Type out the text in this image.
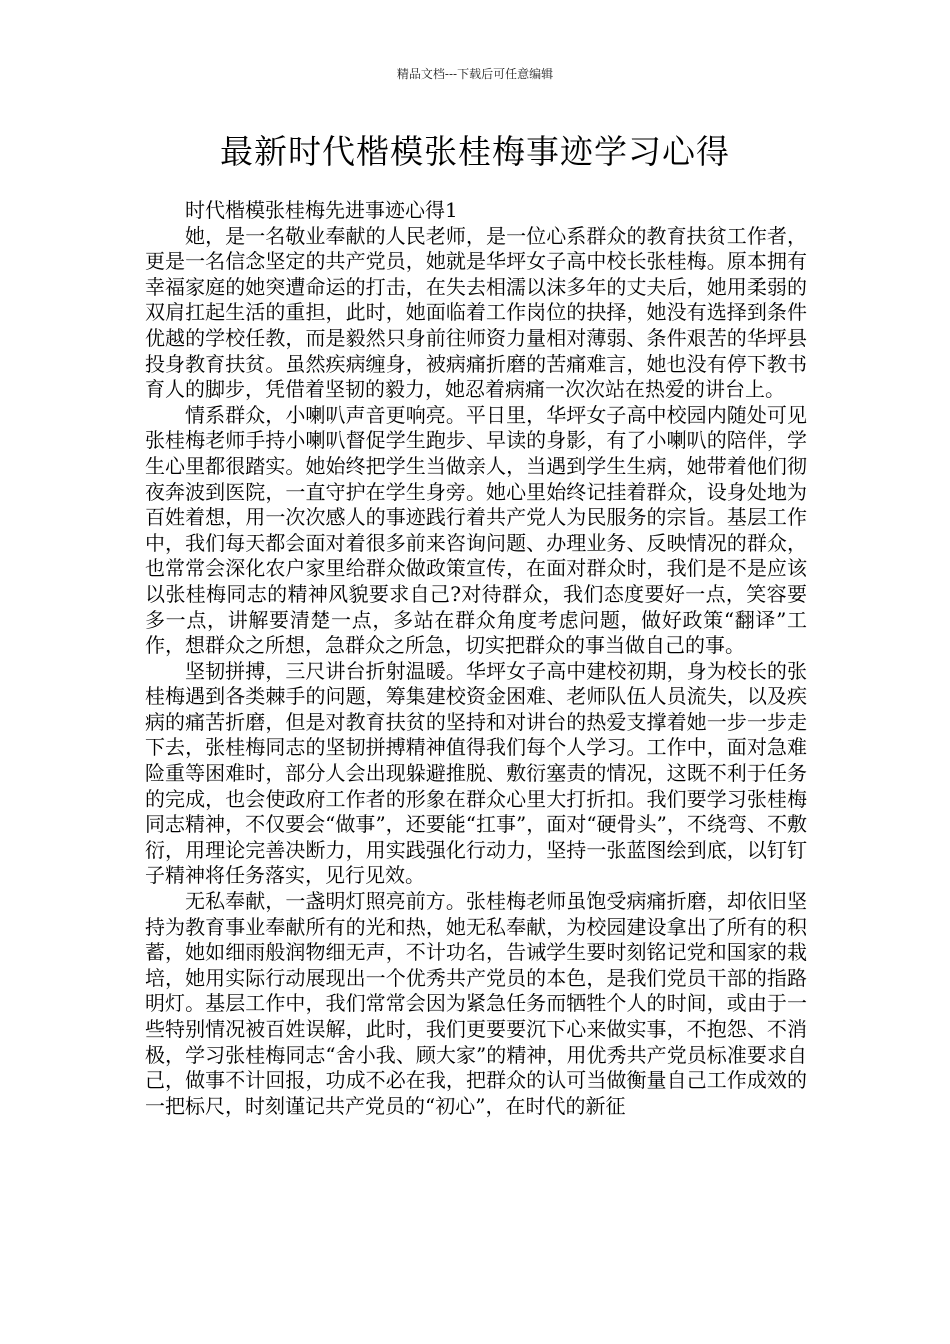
精品文档---下载后可任意编辑
最新时代楷模张桂梅事迹学习心得

时代楷模张桂梅先进事迹心得1

她，是一名敬业奉献的人民老师，是一位心系群众的教育扶贫工作者，更是一名信念坚定的共产党员，她就是华坪女子高中校长张桂梅。原本拥有幸福家庭的她突遭命运的打击，在失去相濡以沫多年的丈夫后，她用柔弱的双肩扛起生活的重担，此时，她面临着工作岗位的抉择，她没有选择到条件优越的学校任教，而是毅然只身前往师资力量相对薄弱、条件艰苦的华坪县投身教育扶贫。虽然疾病缠身，被病痛折磨的苦痛难言，她也没有停下教书育人的脚步，凭借着坚韧的毅力，她忍着病痛一次次站在热爱的讲台上。

情系群众，小喇叭声音更响亮。平日里，华坪女子高中校园内随处可见张桂梅老师手持小喇叭督促学生跑步、早读的身影，有了小喇叭的陪伴，学生心里都很踏实。她始终把学生当做亲人，当遇到学生生病，她带着他们彻夜奔波到医院，一直守护在学生身旁。她心里始终记挂着群众，设身处地为百姓着想，用一次次感人的事迹践行着共产党人为民服务的宗旨。基层工作中，我们每天都会面对着很多前来咨询问题、办理业务、反映情况的群众，也常常会深化农户家里给群众做政策宣传，在面对群众时，我们是不是应该以张桂梅同志的精神风貌要求自己?对待群众，我们态度要好一点，笑容要多一点，讲解要清楚一点，多站在群众角度考虑问题，做好政策“翻译”工作，想群众之所想，急群众之所急，切实把群众的事当做自己的事。

坚韧拼搏，三尺讲台折射温暖。华坪女子高中建校初期，身为校长的张桂梅遇到各类棘手的问题，筹集建校资金困难、老师队伍人员流失，以及疾病的痛苦折磨，但是对教育扶贫的坚持和对讲台的热爱支撑着她一步一步走下去，张桂梅同志的坚韧拼搏精神值得我们每个人学习。工作中，面对急难险重等困难时，部分人会出现躲避推脱、敷衍塞责的情况，这既不利于任务的完成，也会使政府工作者的形象在群众心里大打折扣。我们要学习张桂梅同志精神，不仅要会“做事”，还要能“扛事”，面对“硬骨头”，不绕弯、不敷衍，用理论完善决断力，用实践强化行动力，坚持一张蓝图绘到底，以钉钉子精神将任务落实，见行见效。

无私奉献，一盏明灯照亮前方。张桂梅老师虽饱受病痛折磨，却依旧坚持为教育事业奉献所有的光和热，她无私奉献，为校园建设拿出了所有的积蓄，她如细雨般润物细无声，不计功名，告诫学生要时刻铭记党和国家的栽培，她用实际行动展现出一个优秀共产党员的本色，是我们党员干部的指路明灯。基层工作中，我们常常会因为紧急任务而牺牲个人的时间，或由于一些特别情况被百姓误解，此时，我们更要要沉下心来做实事，不抱怨、不消极，学习张桂梅同志“舍小我、顾大家”的精神，用优秀共产党员标准要求自己，做事不计回报，功成不必在我，把群众的认可当做衡量自己工作成效的一把标尺，时刻谨记共产党员的“初心”，在时代的新征
